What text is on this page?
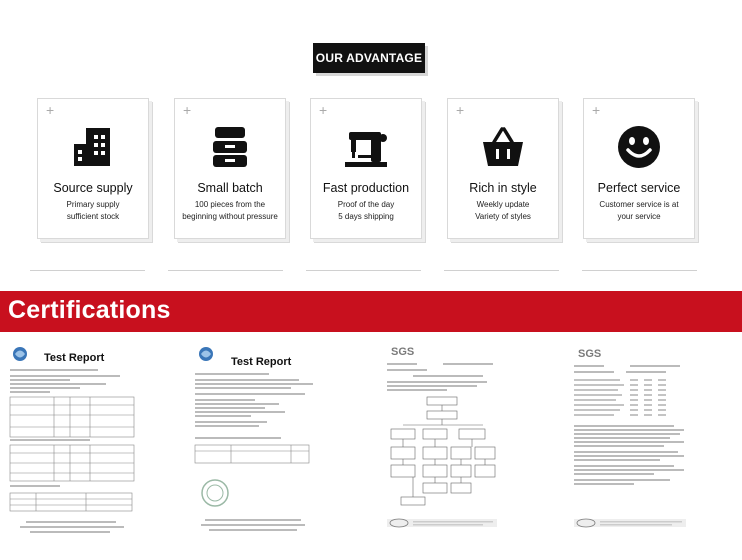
OUR ADVANTAGE
+
Source supply
Primary supply
sufficient stock
+
Small batch
100 pieces from the
beginning without pressure
+
Fast production
Proof of the day
5 days shipping
+
Rich in style
Weekly update
Variety of styles
+
Perfect service
Customer service is at
your service
Certifications
Test Report	Test Report
SGS	SGS
